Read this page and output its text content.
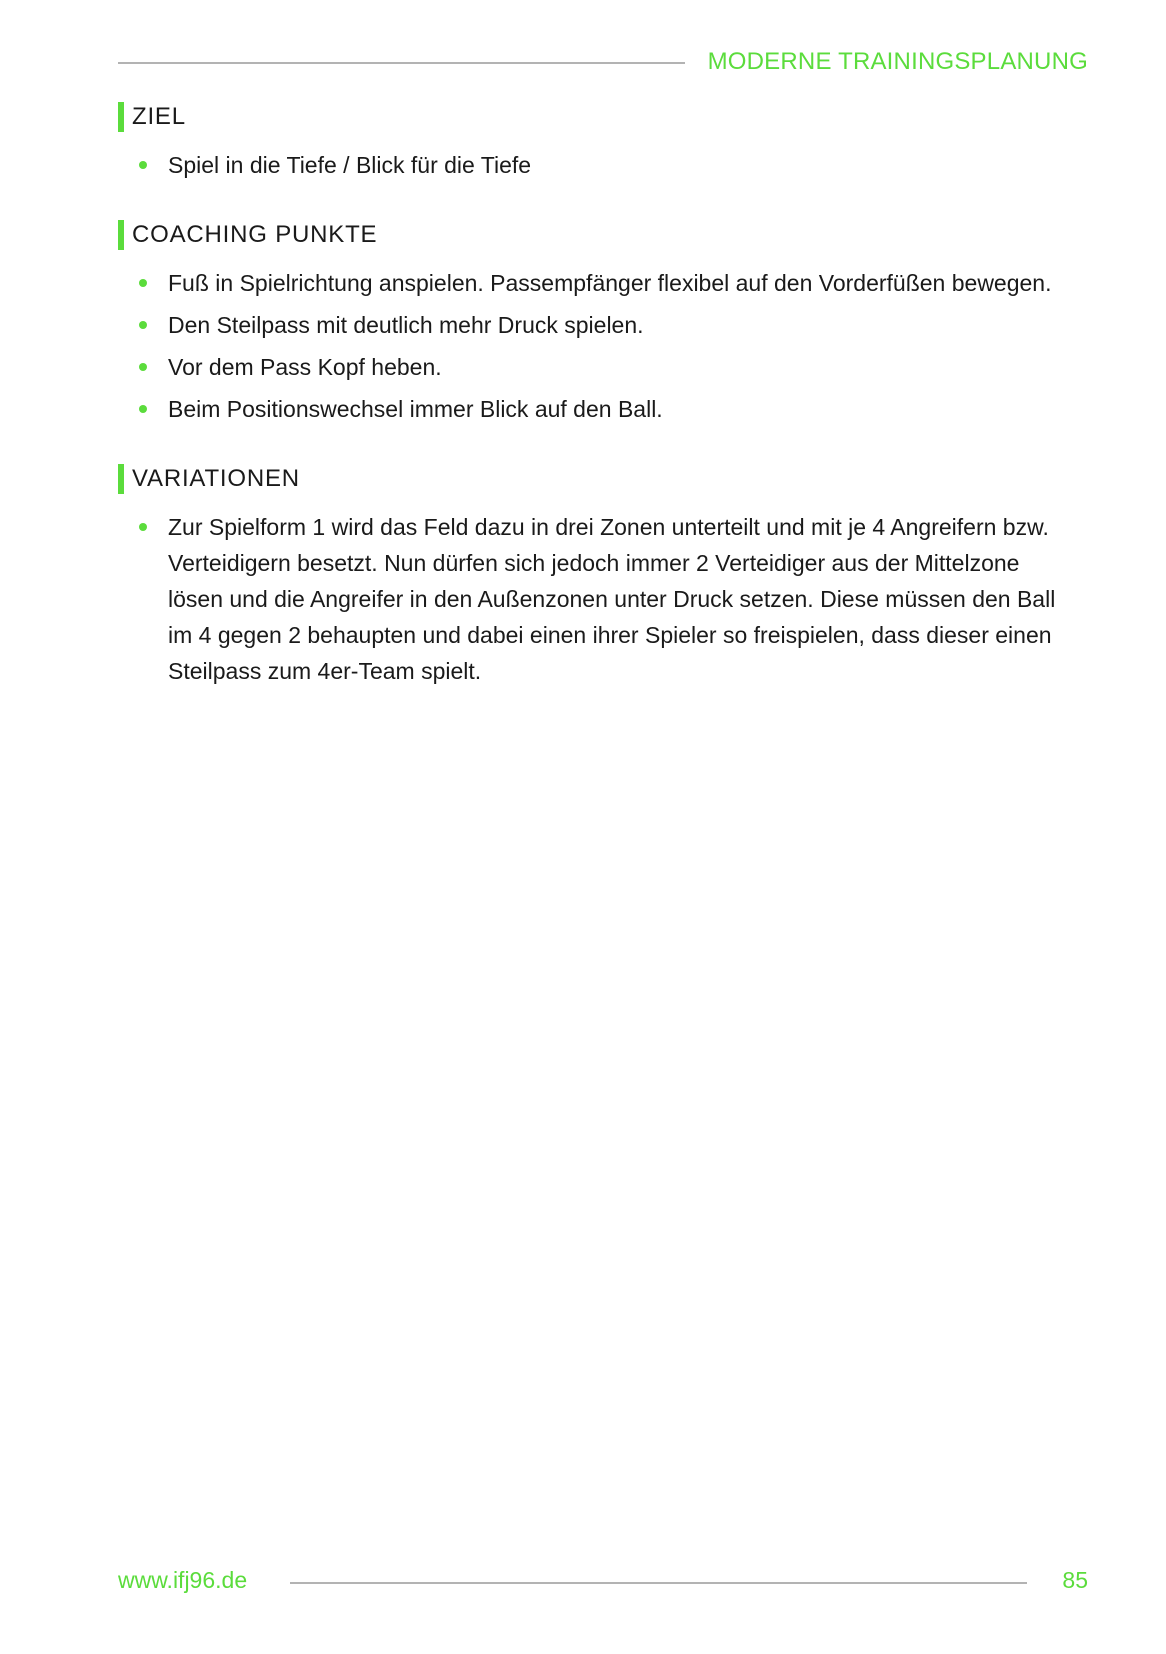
MODERNE TRAININGSPLANUNG
ZIEL
Spiel in die Tiefe / Blick für die Tiefe
COACHING PUNKTE
Fuß in Spielrichtung anspielen. Passempfänger flexibel auf den Vorderfüßen bewegen.
Den Steilpass mit deutlich mehr Druck spielen.
Vor dem Pass Kopf heben.
Beim Positionswechsel immer Blick auf den Ball.
VARIATIONEN
Zur Spielform 1 wird das Feld dazu in drei Zonen unterteilt und mit je 4 Angreifern bzw. Verteidigern besetzt. Nun dürfen sich jedoch immer 2 Verteidiger aus der Mittelzone lösen und die Angreifer in den Außenzonen unter Druck setzen. Diese müssen den Ball im 4 gegen 2 behaupten und dabei einen ihrer Spieler so freispielen, dass dieser einen Steilpass zum 4er-Team spielt.
www.ifj96.de	85
